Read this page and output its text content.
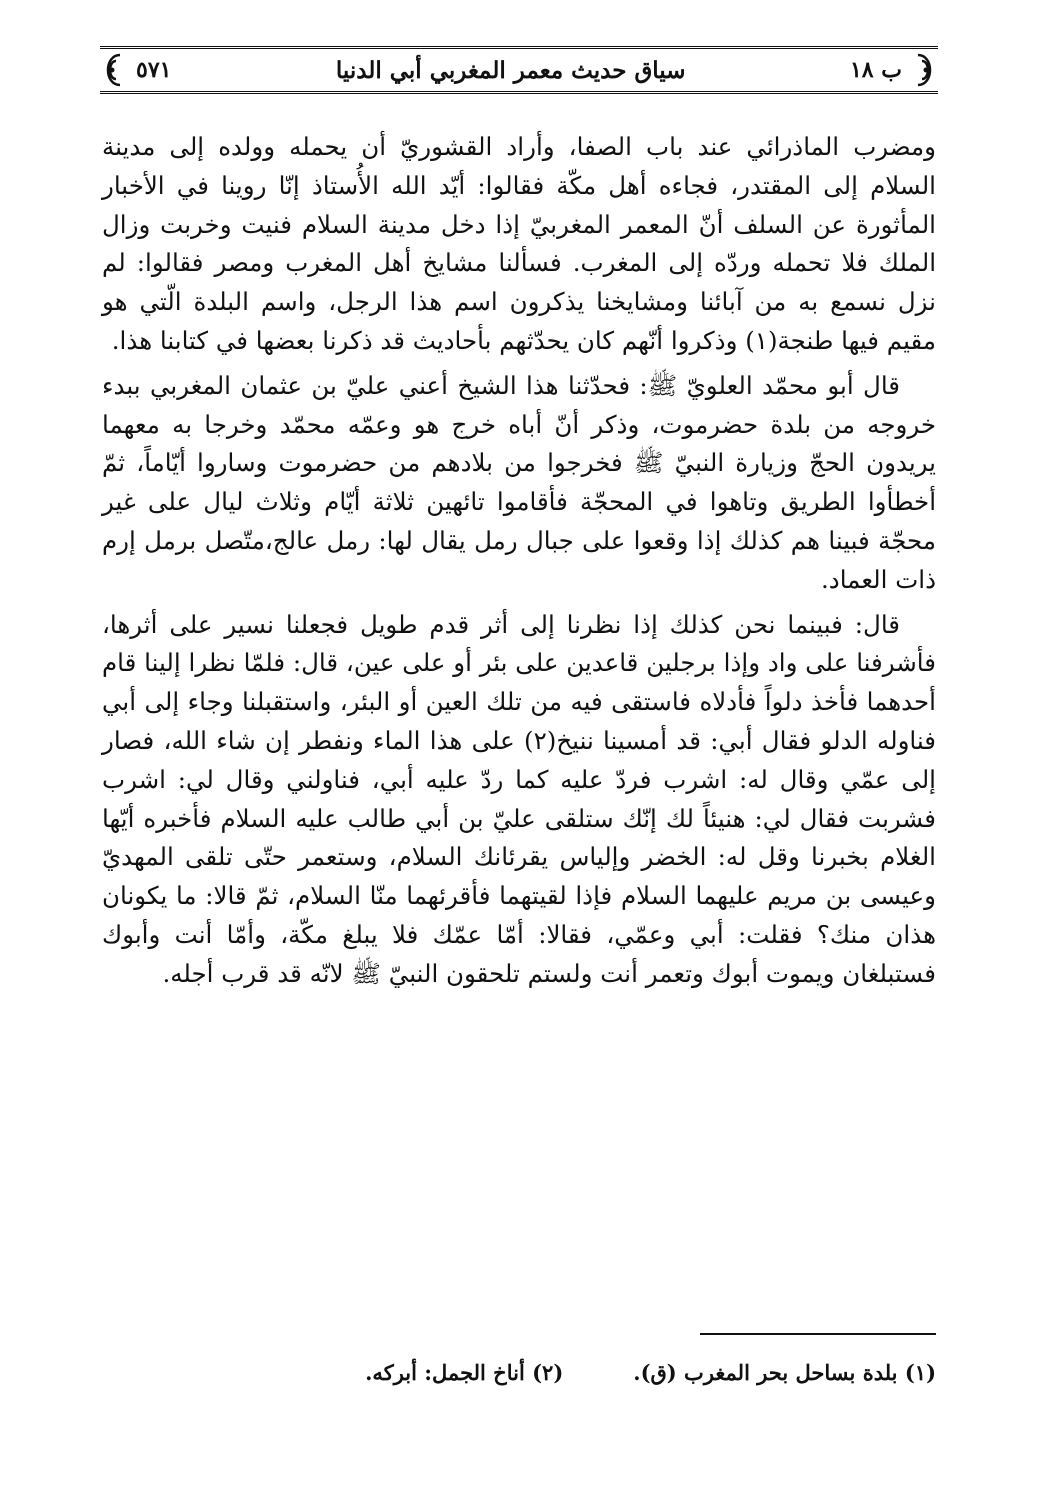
ب ١٨
سياق حديث معمر المغربي أبي الدنيا
٥٧١

ومضرب الماذرائي عند باب الصفا، وأراد القشوريّ أن يحمله وولده إلى مدينة السلام إلى المقتدر، فجاءه أهل مكّة فقالوا: أيّد الله الأُستاذ إنّا روينا في الأخبار المأثورة عن السلف أنّ المعمر المغربيّ إذا دخل مدينة السلام فنيت وخربت وزال الملك فلا تحمله وردّه إلى المغرب. فسألنا مشايخ أهل المغرب ومصر فقالوا: لم نزل نسمع به من آبائنا ومشايخنا يذكرون اسم هذا الرجل، واسم البلدة الّتي هو مقيم فيها طنجة(١) وذكروا أنّهم كان يحدّثهم بأحاديث قد ذكرنا بعضها في كتابنا هذا.

قال أبو محمّد العلويّ ﷺ: فحدّثنا هذا الشيخ أعني عليّ بن عثمان المغربي ببدء خروجه من بلدة حضرموت، وذكر أنّ أباه خرج هو وعمّه محمّد وخرجا به معهما يريدون الحجّ وزيارة النبيّ ﷺ فخرجوا من بلادهم من حضرموت وساروا أيّاماً، ثمّ أخطأوا الطريق وتاهوا في المحجّة فأقاموا تائهين ثلاثة أيّام وثلاث ليال على غير محجّة فبينا هم كذلك إذا وقعوا على جبال رمل يقال لها: رمل عالج،متّصل برمل إرم ذات العماد.

قال: فبينما نحن كذلك إذا نظرنا إلى أثر قدم طويل فجعلنا نسير على أثرها، فأشرفنا على واد وإذا برجلين قاعدين على بئر أو على عين، قال: فلمّا نظرا إلينا قام أحدهما فأخذ دلواً فأدلاه فاستقى فيه من تلك العين أو البئر، واستقبلنا وجاء إلى أبي فناوله الدلو فقال أبي: قد أمسينا ننيخ(٢) على هذا الماء ونفطر إن شاء الله، فصار إلى عمّي وقال له: اشرب فردّ عليه كما ردّ عليه أبي، فناولني وقال لي: اشرب فشربت فقال لي: هنيئاً لك إنّك ستلقى عليّ بن أبي طالب عليه السلام فأخبره أيّها الغلام بخبرنا وقل له: الخضر وإلياس يقرئانك السلام، وستعمر حتّى تلقى المهديّ وعيسى بن مريم عليهما السلام فإذا لقيتهما فأقرئهما منّا السلام، ثمّ قالا: ما يكونان هذان منك؟ فقلت: أبي وعمّي، فقالا: أمّا عمّك فلا يبلغ مكّة، وأمّا أنت وأبوك فستبلغان ويموت أبوك وتعمر أنت ولستم تلحقون النبيّ ﷺ لانّه قد قرب أجله.

(١) بلدة بساحل بحر المغرب (ق).
(٢) أناخ الجمل: أبركه.
